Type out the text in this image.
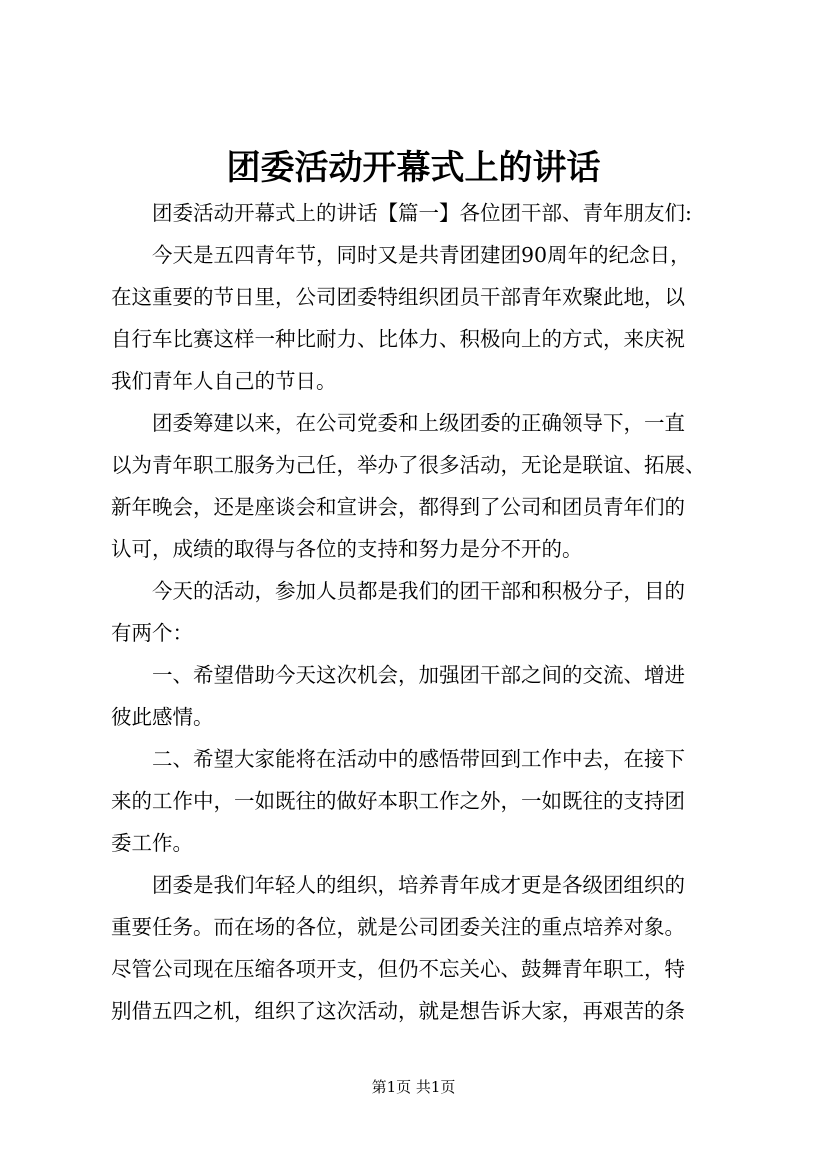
团委活动开幕式上的讲话
　　团委活动开幕式上的讲话【篇一】各位团干部、青年朋友们:
　　今天是五四青年节，同时又是共青团建团90周年的纪念日，
在这重要的节日里，公司团委特组织团员干部青年欢聚此地，以
自行车比赛这样一种比耐力、比体力、积极向上的方式，来庆祝
我们青年人自己的节日。
　　团委筹建以来，在公司党委和上级团委的正确领导下，一直
以为青年职工服务为己任，举办了很多活动，无论是联谊、拓展、
新年晚会，还是座谈会和宣讲会，都得到了公司和团员青年们的
认可，成绩的取得与各位的支持和努力是分不开的。
　　今天的活动，参加人员都是我们的团干部和积极分子，目的
有两个：
　　一、希望借助今天这次机会，加强团干部之间的交流、增进
彼此感情。
　　二、希望大家能将在活动中的感悟带回到工作中去，在接下
来的工作中，一如既往的做好本职工作之外，一如既往的支持团
委工作。
　　团委是我们年轻人的组织，培养青年成才更是各级团组织的
重要任务。而在场的各位，就是公司团委关注的重点培养对象。
尽管公司现在压缩各项开支，但仍不忘关心、鼓舞青年职工，特
别借五四之机，组织了这次活动，就是想告诉大家，再艰苦的条
第1页 共1页
